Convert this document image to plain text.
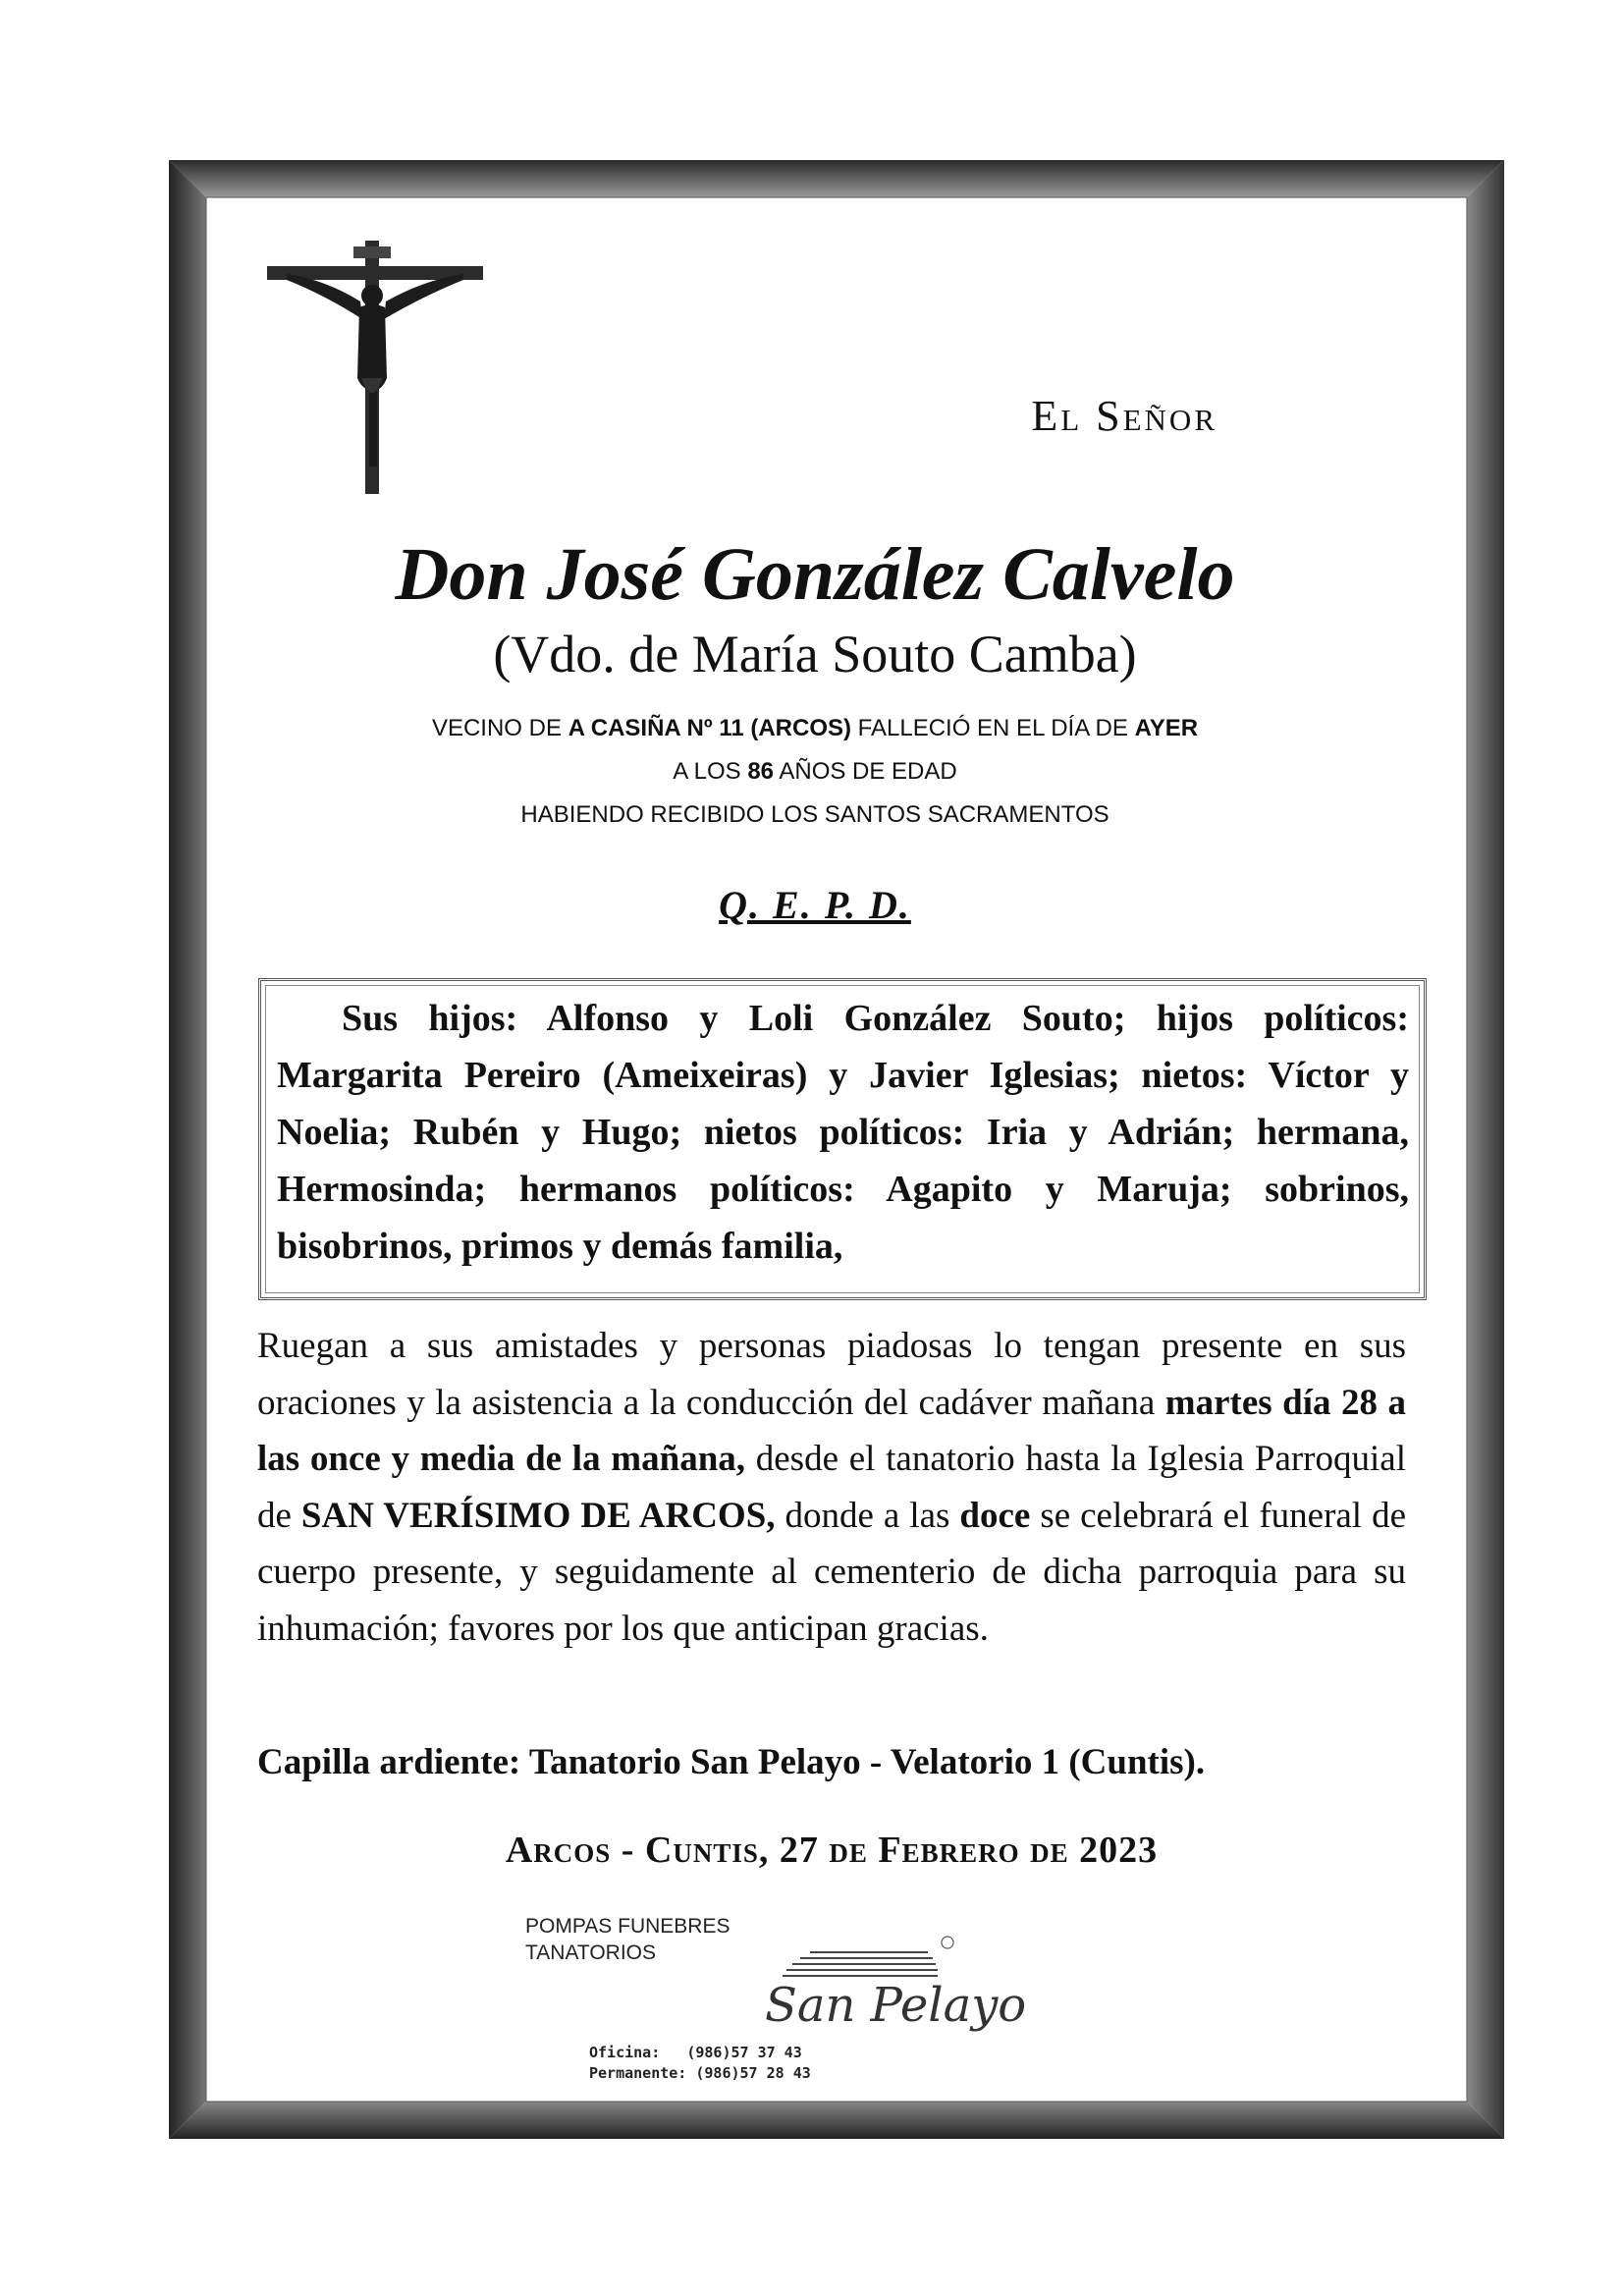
El Señor
Don José González Calvelo
(Vdo. de María Souto Camba)
VECINO DE A CASIÑA Nº 11 (ARCOS) FALLECIÓ EN EL DÍA DE AYER
A LOS 86 AÑOS DE EDAD
HABIENDO RECIBIDO LOS SANTOS SACRAMENTOS
Q. E. P. D.
Sus hijos: Alfonso y Loli González Souto; hijos políticos: Margarita Pereiro (Ameixeiras) y Javier Iglesias; nietos: Víctor y Noelia; Rubén y Hugo; nietos políticos: Iria y Adrián; hermana, Hermosinda; hermanos políticos: Agapito y Maruja; sobrinos, bisobrinos, primos y demás familia,
Ruegan a sus amistades y personas piadosas lo tengan presente en sus oraciones y la asistencia a la conducción del cadáver mañana martes día 28 a las once y media de la mañana, desde el tanatorio hasta la Iglesia Parroquial de SAN VERÍSIMO DE ARCOS, donde a las doce se celebrará el funeral de cuerpo presente, y seguidamente al cementerio de dicha parroquia para su inhumación; favores por los que anticipan gracias.
Capilla ardiente: Tanatorio San Pelayo - Velatorio 1 (Cuntis).
Arcos - Cuntis, 27 de Febrero de 2023
POMPAS FUNEBRES
TANATORIOS
San Pelayo
Oficina:   (986)57 37 43
Permanente: (986)57 28 43
